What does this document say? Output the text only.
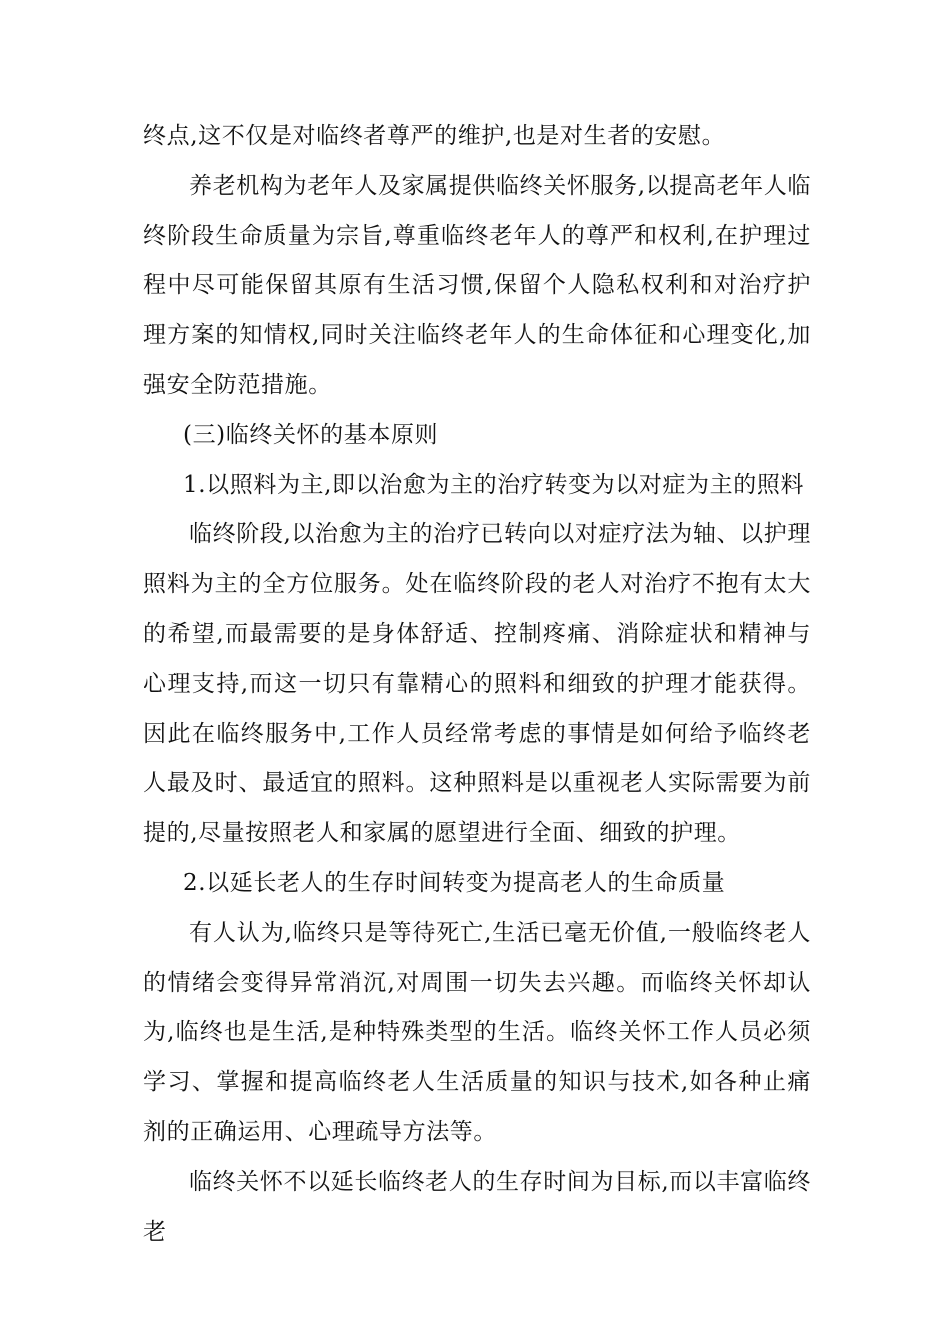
终点,这不仅是对临终者尊严的维护,也是对生者的安慰。

养老机构为老年人及家属提供临终关怀服务,以提高老年人临终阶段生命质量为宗旨,尊重临终老年人的尊严和权利,在护理过程中尽可能保留其原有生活习惯,保留个人隐私权利和对治疗护理方案的知情权,同时关注临终老年人的生命体征和心理变化,加强安全防范措施。

(三)临终关怀的基本原则

1.以照料为主,即以治愈为主的治疗转变为以对症为主的照料

临终阶段,以治愈为主的治疗已转向以对症疗法为轴、以护理照料为主的全方位服务。处在临终阶段的老人对治疗不抱有太大的希望,而最需要的是身体舒适、控制疼痛、消除症状和精神与心理支持,而这一切只有靠精心的照料和细致的护理才能获得。因此在临终服务中,工作人员经常考虑的事情是如何给予临终老人最及时、最适宜的照料。这种照料是以重视老人实际需要为前提的,尽量按照老人和家属的愿望进行全面、细致的护理。

2.以延长老人的生存时间转变为提高老人的生命质量

有人认为,临终只是等待死亡,生活已毫无价值,一般临终老人的情绪会变得异常消沉,对周围一切失去兴趣。而临终关怀却认为,临终也是生活,是种特殊类型的生活。临终关怀工作人员必须学习、掌握和提高临终老人生活质量的知识与技术,如各种止痛剂的正确运用、心理疏导方法等。

临终关怀不以延长临终老人的生存时间为目标,而以丰富临终老
